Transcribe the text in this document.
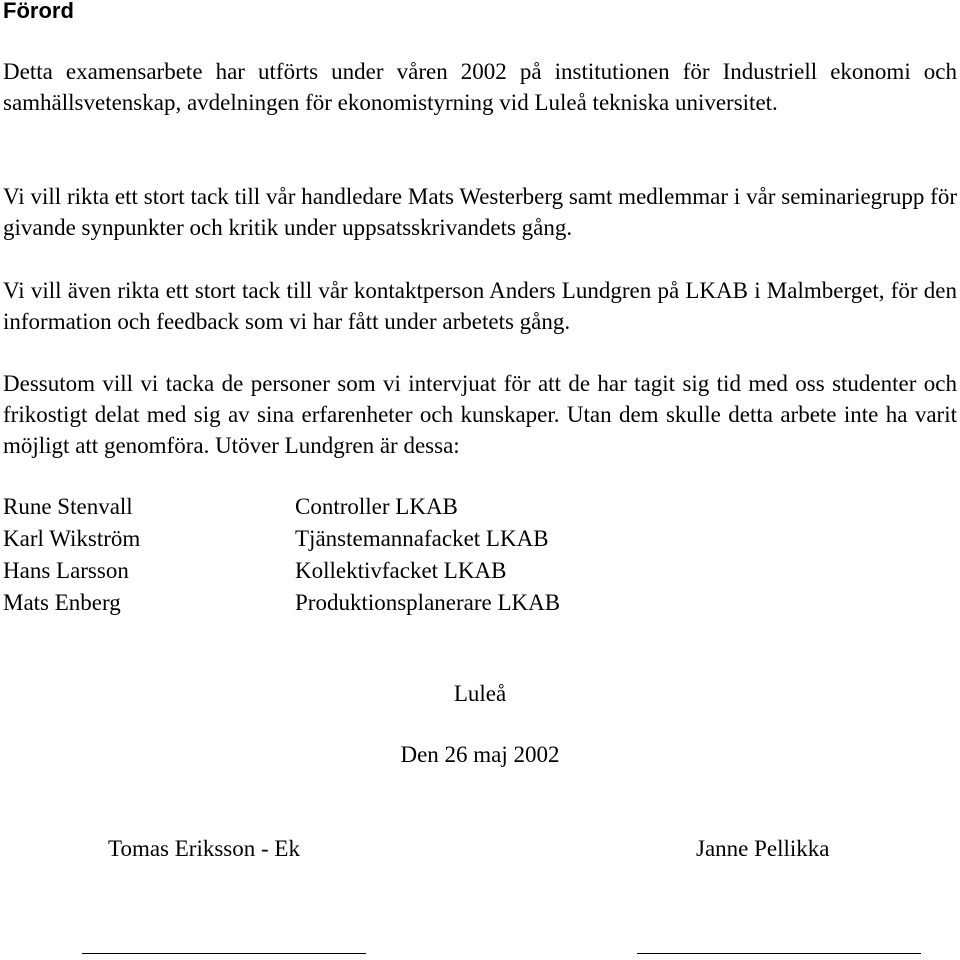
Förord
Detta examensarbete har utförts under våren 2002 på institutionen för Industriell ekonomi och samhällsvetenskap, avdelningen för ekonomistyrning vid Luleå tekniska universitet.
Vi vill rikta ett stort tack till vår handledare Mats Westerberg samt medlemmar i vår seminariegrupp för givande synpunkter och kritik under uppsatsskrivandets gång.
Vi vill även rikta ett stort tack till vår kontaktperson Anders Lundgren på LKAB i Malmberget, för den information och feedback som vi har fått under arbetets gång.
Dessutom vill vi tacka de personer som vi intervjuat för att de har tagit sig tid med oss studenter och frikostigt delat med sig av sina erfarenheter och kunskaper. Utan dem skulle detta arbete inte ha varit möjligt att genomföra. Utöver Lundgren är dessa:
Rune Stenvall	Controller LKAB
Karl Wikström	Tjänstemannafacket LKAB
Hans Larsson	Kollektivfacket LKAB
Mats Enberg	Produktionsplanerare LKAB
Luleå
Den 26 maj 2002
Tomas Eriksson - Ek	Janne Pellikka
